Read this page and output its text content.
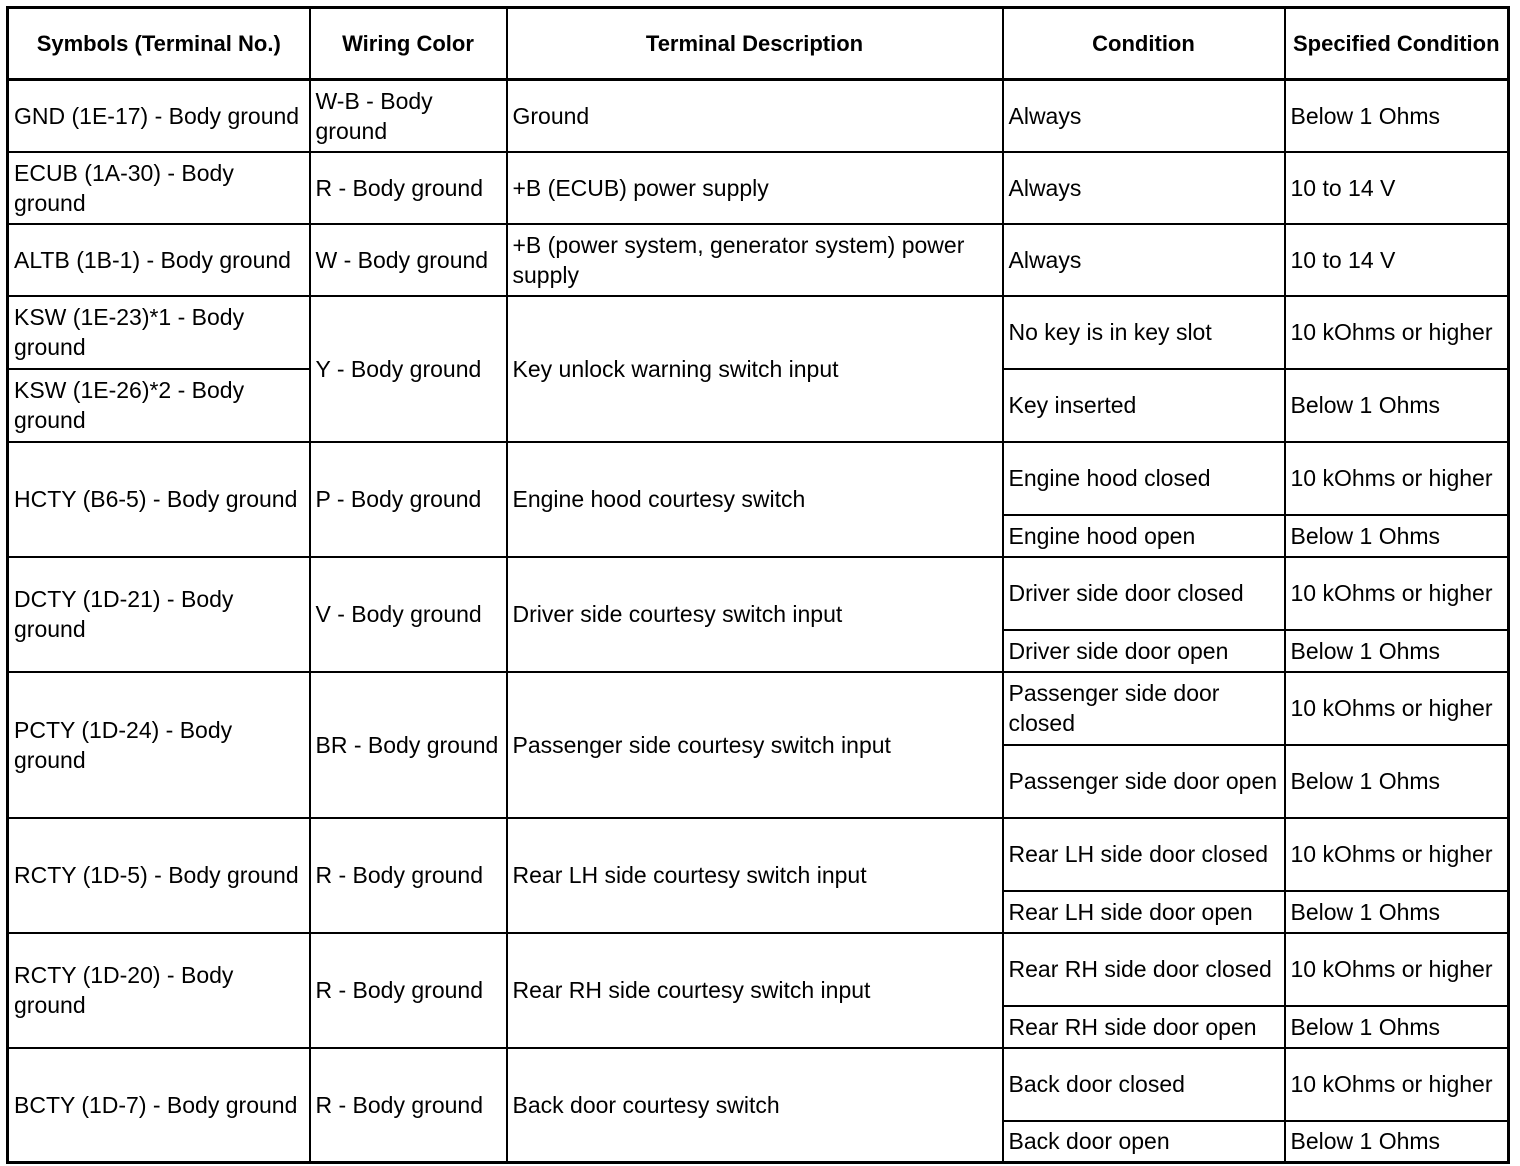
Symbols (Terminal No.)	Wiring Color	Terminal Description	Condition	Specified Condition
GND (1E-17) - Body ground	W-B - Body ground	Ground	Always	Below 1 Ohms
ECUB (1A-30) - Body ground	R - Body ground	+B (ECUB) power supply	Always	10 to 14 V
ALTB (1B-1) - Body ground	W - Body ground	+B (power system, generator system) power supply	Always	10 to 14 V
KSW (1E-23)*1 - Body ground	Y - Body ground	Key unlock warning switch input	No key is in key slot	10 kOhms or higher
KSW (1E-26)*2 - Body ground			Key inserted	Below 1 Ohms
HCTY (B6-5) - Body ground	P - Body ground	Engine hood courtesy switch	Engine hood closed	10 kOhms or higher
			Engine hood open	Below 1 Ohms
DCTY (1D-21) - Body ground	V - Body ground	Driver side courtesy switch input	Driver side door closed	10 kOhms or higher
			Driver side door open	Below 1 Ohms
PCTY (1D-24) - Body ground	BR - Body ground	Passenger side courtesy switch input	Passenger side door closed	10 kOhms or higher
			Passenger side door open	Below 1 Ohms
RCTY (1D-5) - Body ground	R - Body ground	Rear LH side courtesy switch input	Rear LH side door closed	10 kOhms or higher
			Rear LH side door open	Below 1 Ohms
RCTY (1D-20) - Body ground	R - Body ground	Rear RH side courtesy switch input	Rear RH side door closed	10 kOhms or higher
			Rear RH side door open	Below 1 Ohms
BCTY (1D-7) - Body ground	R - Body ground	Back door courtesy switch	Back door closed	10 kOhms or higher
			Back door open	Below 1 Ohms
